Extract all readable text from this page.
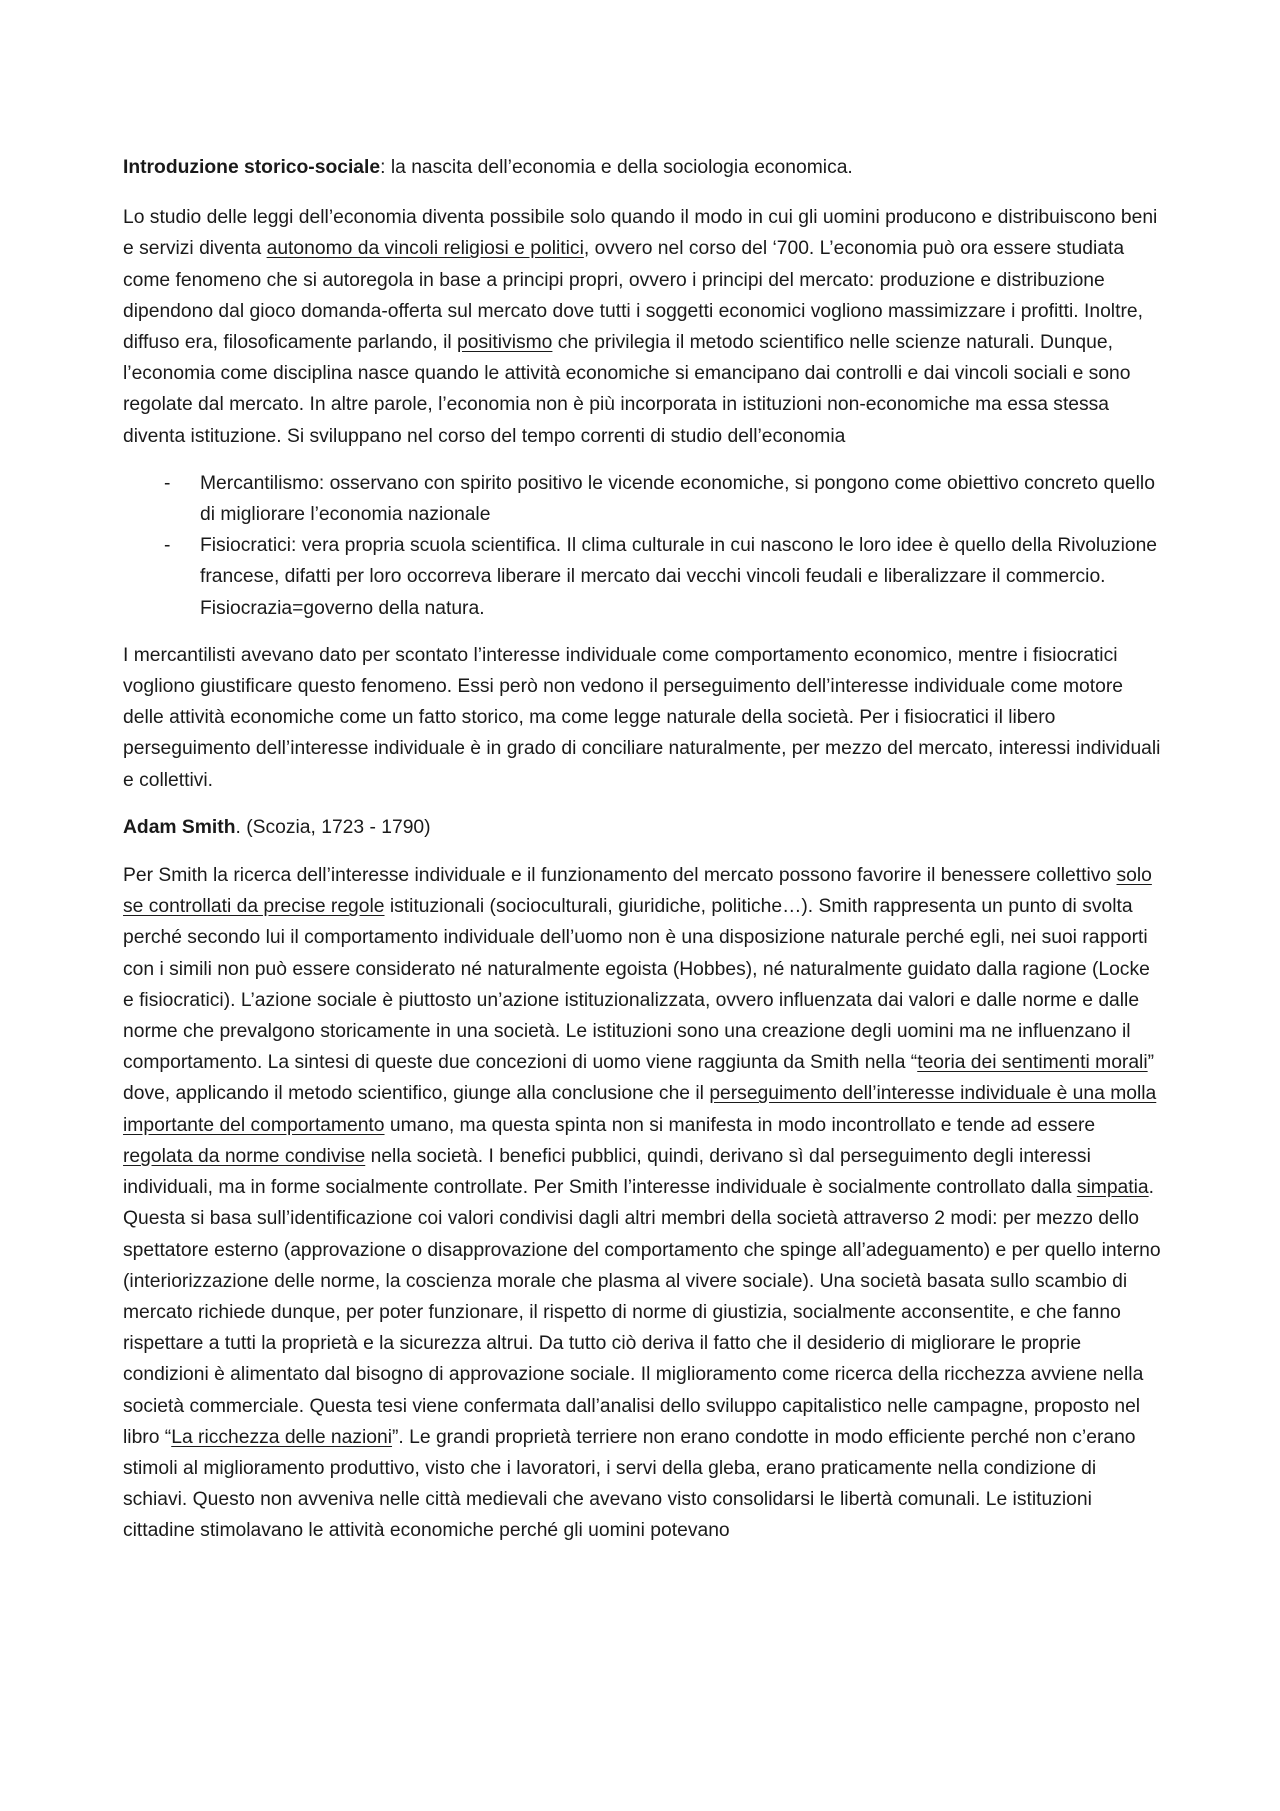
Introduzione storico-sociale: la nascita dell’economia e della sociologia economica.

Lo studio delle leggi dell’economia diventa possibile solo quando il modo in cui gli uomini producono e distribuiscono beni e servizi diventa autonomo da vincoli religiosi e politici, ovvero nel corso del ‘700. L’economia può ora essere studiata come fenomeno che si autoregola in base a principi propri, ovvero i principi del mercato: produzione e distribuzione dipendono dal gioco domanda-offerta sul mercato dove tutti i soggetti economici vogliono massimizzare i profitti. Inoltre, diffuso era, filosoficamente parlando, il positivismo che privilegia il metodo scientifico nelle scienze naturali. Dunque, l’economia come disciplina nasce quando le attività economiche si emancipano dai controlli e dai vincoli sociali e sono regolate dal mercato. In altre parole, l’economia non è più incorporata in istituzioni non-economiche ma essa stessa diventa istituzione. Si sviluppano nel corso del tempo correnti di studio dell’economia

- Mercantilismo: osservano con spirito positivo le vicende economiche, si pongono come obiettivo concreto quello di migliorare l’economia nazionale
- Fisiocratici: vera propria scuola scientifica. Il clima culturale in cui nascono le loro idee è quello della Rivoluzione francese, difatti per loro occorreva liberare il mercato dai vecchi vincoli feudali e liberalizzare il commercio. Fisiocrazia=governo della natura.

I mercantilisti avevano dato per scontato l’interesse individuale come comportamento economico, mentre i fisiocratici vogliono giustificare questo fenomeno. Essi però non vedono il perseguimento dell’interesse individuale come motore delle attività economiche come un fatto storico, ma come legge naturale della società. Per i fisiocratici il libero perseguimento dell’interesse individuale è in grado di conciliare naturalmente, per mezzo del mercato, interessi individuali e collettivi.

Adam Smith. (Scozia, 1723 - 1790)

Per Smith la ricerca dell’interesse individuale e il funzionamento del mercato possono favorire il benessere collettivo solo se controllati da precise regole istituzionali (socioculturali, giuridiche, politiche…). Smith rappresenta un punto di svolta perché secondo lui il comportamento individuale dell’uomo non è una disposizione naturale perché egli, nei suoi rapporti con i simili non può essere considerato né naturalmente egoista (Hobbes), né naturalmente guidato dalla ragione (Locke e fisiocratici). L’azione sociale è piuttosto un’azione istituzionalizzata, ovvero influenzata dai valori e dalle norme e dalle norme che prevalgono storicamente in una società. Le istituzioni sono una creazione degli uomini ma ne influenzano il comportamento. La sintesi di queste due concezioni di uomo viene raggiunta da Smith nella “teoria dei sentimenti morali” dove, applicando il metodo scientifico, giunge alla conclusione che il perseguimento dell’interesse individuale è una molla importante del comportamento umano, ma questa spinta non si manifesta in modo incontrollato e tende ad essere regolata da norme condivise nella società. I benefici pubblici, quindi, derivano sì dal perseguimento degli interessi individuali, ma in forme socialmente controllate. Per Smith l’interesse individuale è socialmente controllato dalla simpatia. Questa si basa sull’identificazione coi valori condivisi dagli altri membri della società attraverso 2 modi: per mezzo dello spettatore esterno (approvazione o disapprovazione del comportamento che spinge all’adeguamento) e per quello interno (interiorizzazione delle norme, la coscienza morale che plasma al vivere sociale). Una società basata sullo scambio di mercato richiede dunque, per poter funzionare, il rispetto di norme di giustizia, socialmente acconsentite, e che fanno rispettare a tutti la proprietà e la sicurezza altrui. Da tutto ciò deriva il fatto che il desiderio di migliorare le proprie condizioni è alimentato dal bisogno di approvazione sociale. Il miglioramento come ricerca della ricchezza avviene nella società commerciale. Questa tesi viene confermata dall’analisi dello sviluppo capitalistico nelle campagne, proposto nel libro “La ricchezza delle nazioni”. Le grandi proprietà terriere non erano condotte in modo efficiente perché non c’erano stimoli al miglioramento produttivo, visto che i lavoratori, i servi della gleba, erano praticamente nella condizione di schiavi. Questo non avveniva nelle città medievali che avevano visto consolidarsi le libertà comunali. Le istituzioni cittadine stimolavano le attività economiche perché gli uomini potevano
